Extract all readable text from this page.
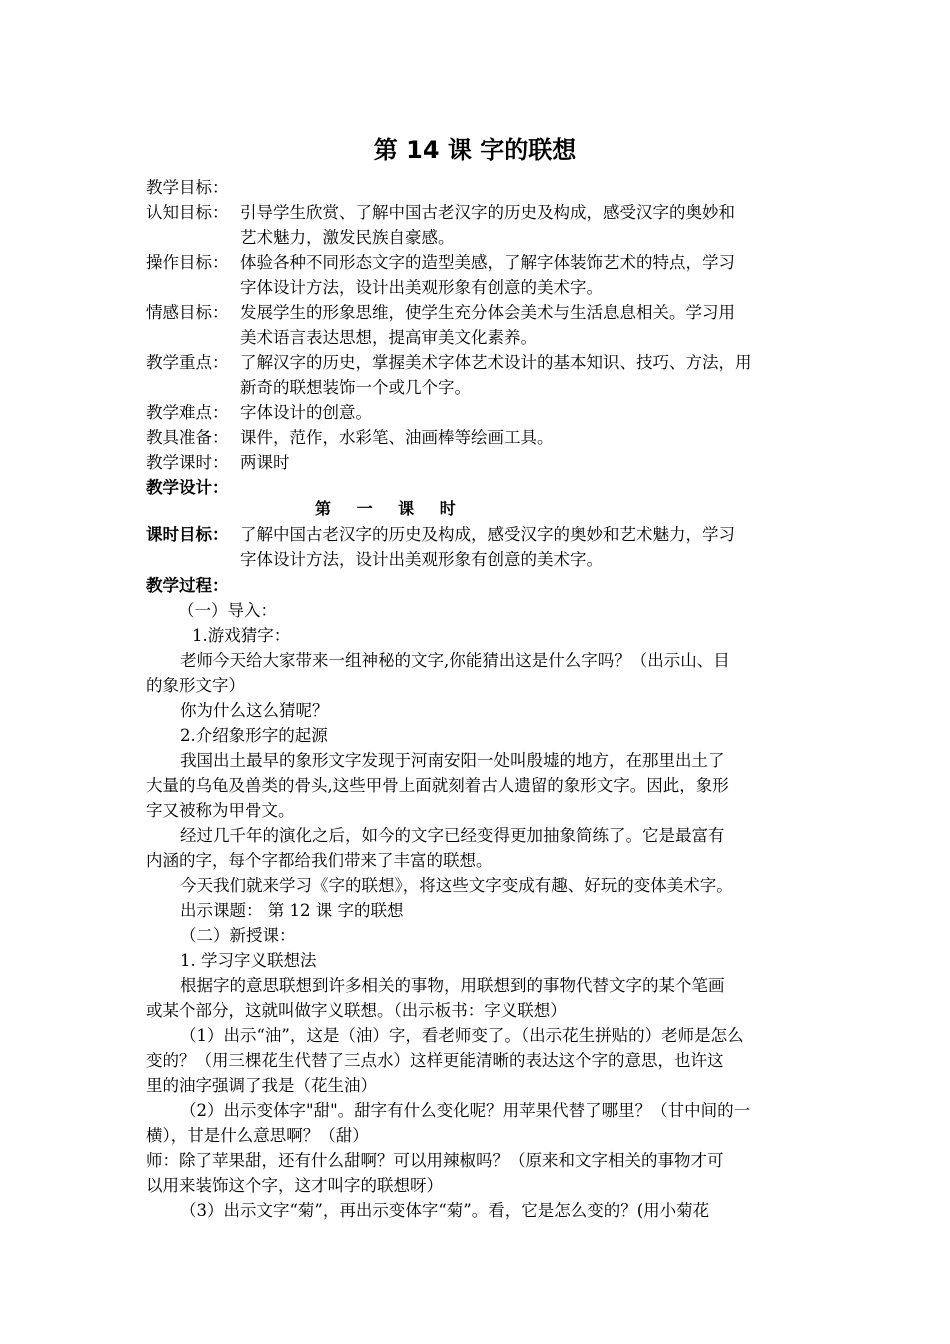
第 14 课 字的联想
教学目标：
认知目标： 引导学生欣赏、了解中国古老汉字的历史及构成，感受汉字的奥妙和
艺术魅力，激发民族自豪感。
操作目标： 体验各种不同形态文字的造型美感，了解字体装饰艺术的特点，学习
字体设计方法，设计出美观形象有创意的美术字。
情感目标： 发展学生的形象思维，使学生充分体会美术与生活息息相关。学习用
美术语言表达思想，提高审美文化素养。
教学重点： 了解汉字的历史，掌握美术字体艺术设计的基本知识、技巧、方法，用
新奇的联想装饰一个或几个字。
教学难点： 字体设计的创意。
教具准备： 课件，范作，水彩笔、油画棒等绘画工具。
教学课时： 两课时
教学设计：
第 一 课 时
课时目标： 了解中国古老汉字的历史及构成，感受汉字的奥妙和艺术魅力，学习
字体设计方法，设计出美观形象有创意的美术字。
教学过程：
（一）导入：
1.游戏猜字：
老师今天给大家带来一组神秘的文字,你能猜出这是什么字吗？（出示山、目
的象形文字）
你为什么这么猜呢？
2.介绍象形字的起源
我国出土最早的象形文字发现于河南安阳一处叫殷墟的地方，在那里出土了
大量的乌龟及兽类的骨头,这些甲骨上面就刻着古人遗留的象形文字。因此，象形
字又被称为甲骨文。
经过几千年的演化之后，如今的文字已经变得更加抽象简练了。它是最富有
内涵的字，每个字都给我们带来了丰富的联想。
今天我们就来学习《字的联想》，将这些文字变成有趣、好玩的变体美术字。
出示课题： 第 12 课 字的联想
（二）新授课：
1. 学习字义联想法
根据字的意思联想到许多相关的事物，用联想到的事物代替文字的某个笔画
或某个部分，这就叫做字义联想。（出示板书：字义联想）
（1）出示“油”，这是（油）字，看老师变了。（出示花生拼贴的）老师是怎么
变的？（用三棵花生代替了三点水）这样更能清晰的表达这个字的意思，也许这
里的油字强调了我是（花生油）
（2）出示变体字"甜"。甜字有什么变化呢？用苹果代替了哪里？（甘中间的一
横），甘是什么意思啊？（甜）
师：除了苹果甜，还有什么甜啊？可以用辣椒吗？（原来和文字相关的事物才可
以用来装饰这个字，这才叫字的联想呀）
（3）出示文字“菊”，再出示变体字“菊”。看，它是怎么变的？(用小菊花
